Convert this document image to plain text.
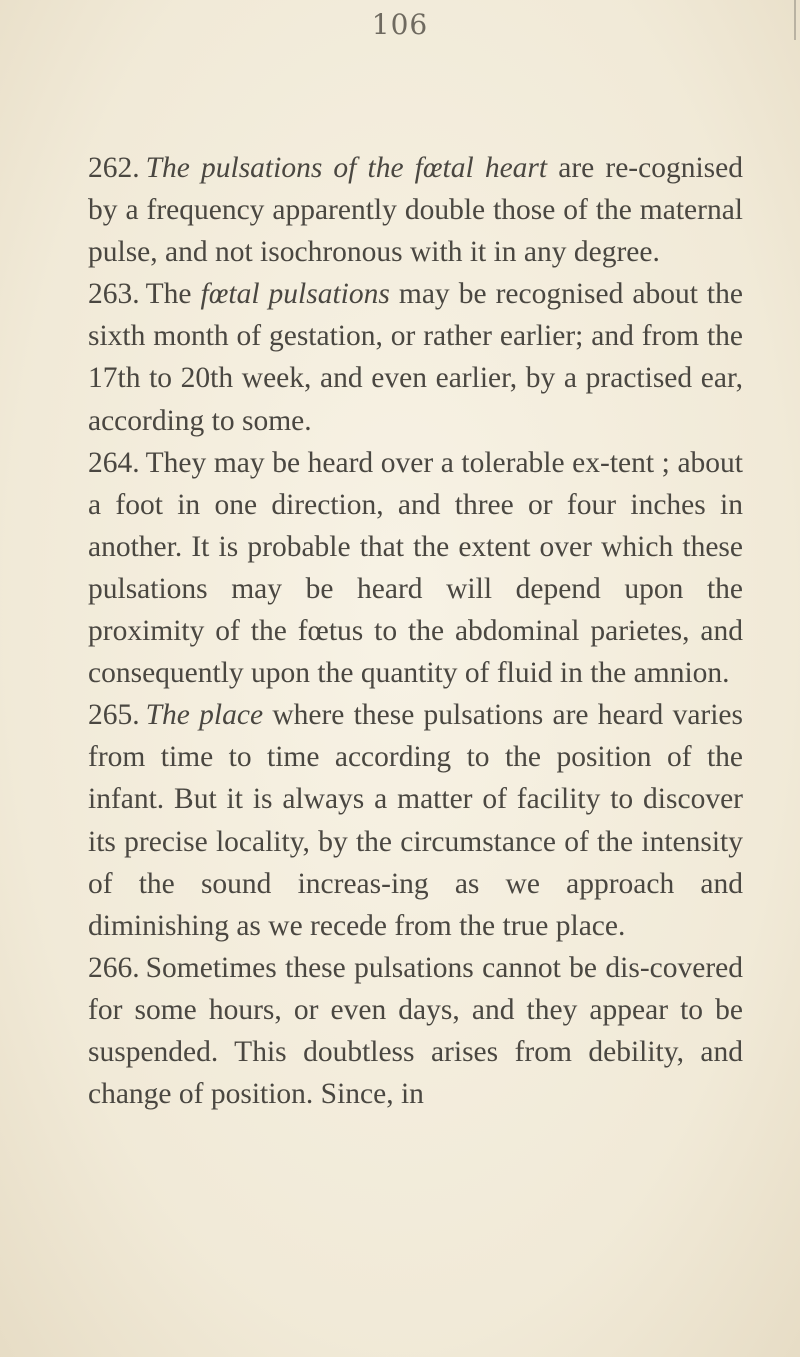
106

262. The pulsations of the fœtal heart are re-cognised by a frequency apparently double those of the maternal pulse, and not isochronous with it in any degree.

263. The fœtal pulsations may be recognised about the sixth month of gestation, or rather earlier; and from the 17th to 20th week, and even earlier, by a practised ear, according to some.

264. They may be heard over a tolerable ex-tent ; about a foot in one direction, and three or four inches in another. It is probable that the extent over which these pulsations may be heard will depend upon the proximity of the fœtus to the abdominal parietes, and consequently upon the quantity of fluid in the amnion.

265. The place where these pulsations are heard varies from time to time according to the position of the infant. But it is always a matter of facility to discover its precise locality, by the circumstance of the intensity of the sound increas-ing as we approach and diminishing as we recede from the true place.

266. Sometimes these pulsations cannot be dis-covered for some hours, or even days, and they appear to be suspended. This doubtless arises from debility, and change of position. Since, in
